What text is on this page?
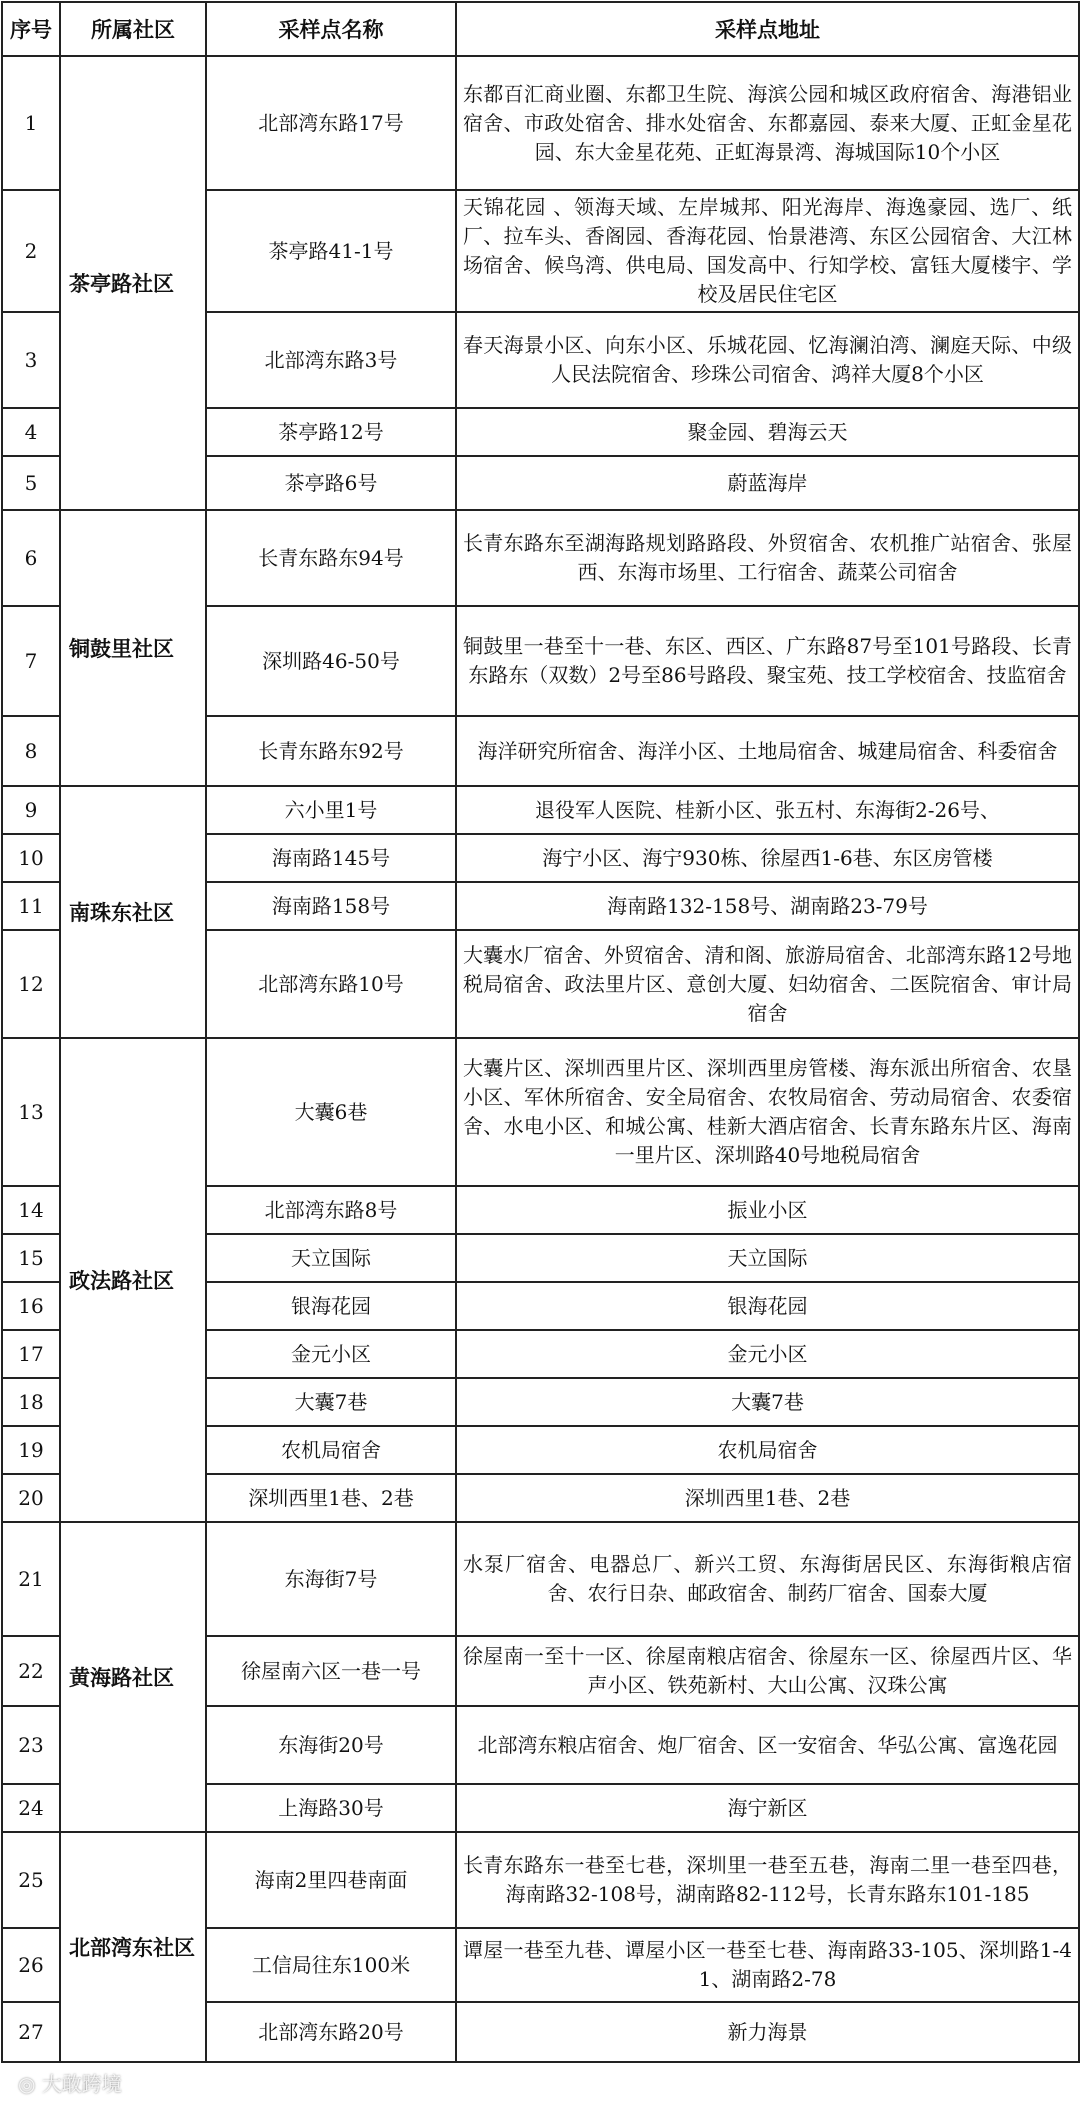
序号	所属社区	采样点名称	采样点地址
1	茶亭路社区	北部湾东路17号	东都百汇商业圈、东都卫生院、海滨公园和城区政府宿舍、海港铝业宿舍、市政处宿舍、排水处宿舍、东都嘉园、泰来大厦、正虹金星花园、东大金星花苑、正虹海景湾、海城国际10个小区
2		茶亭路41-1号	天锦花园 、领海天域、左岸城邦、阳光海岸、海逸豪园、选厂、纸厂、拉车头、香阁园、香海花园、怡景港湾、东区公园宿舍、大江林场宿舍、候鸟湾、供电局、国发高中、行知学校、富钰大厦楼宇、学校及居民住宅区
3		北部湾东路3号	春天海景小区、向东小区、乐城花园、忆海澜泊湾、澜庭天际、中级人民法院宿舍、珍珠公司宿舍、鸿祥大厦8个小区
4		茶亭路12号	聚金园、碧海云天
5		茶亭路6号	蔚蓝海岸
6	铜鼓里社区	长青东路东94号	长青东路东至湖海路规划路路段、外贸宿舍、农机推广站宿舍、张屋西、东海市场里、工行宿舍、蔬菜公司宿舍
7		深圳路46-50号	铜鼓里一巷至十一巷、东区、西区、广东路87号至101号路段、长青东路东（双数）2号至86号路段、聚宝苑、技工学校宿舍、技监宿舍
8		长青东路东92号	海洋研究所宿舍、海洋小区、土地局宿舍、城建局宿舍、科委宿舍
9	南珠东社区	六小里1号	退役军人医院、桂新小区、张五村、东海街2-26号、
10		海南路145号	海宁小区、海宁930栋、徐屋西1-6巷、东区房管楼
11		海南路158号	海南路132-158号、湖南路23-79号
12		北部湾东路10号	大囊水厂宿舍、外贸宿舍、清和阁、旅游局宿舍、北部湾东路12号地税局宿舍、政法里片区、意创大厦、妇幼宿舍、二医院宿舍、审计局宿舍
13	政法路社区	大囊6巷	大囊片区、深圳西里片区、深圳西里房管楼、海东派出所宿舍、农垦小区、军休所宿舍、安全局宿舍、农牧局宿舍、劳动局宿舍、农委宿舍、水电小区、和城公寓、桂新大酒店宿舍、长青东路东片区、海南一里片区、深圳路40号地税局宿舍
14		北部湾东路8号	振业小区
15		天立国际	天立国际
16		银海花园	银海花园
17		金元小区	金元小区
18		大囊7巷	大囊7巷
19		农机局宿舍	农机局宿舍
20		深圳西里1巷、2巷	深圳西里1巷、2巷
21	黄海路社区	东海街7号	水泵厂宿舍、电器总厂、新兴工贸、东海街居民区、东海街粮店宿舍、农行日杂、邮政宿舍、制药厂宿舍、国泰大厦
22		徐屋南六区一巷一号	徐屋南一至十一区、徐屋南粮店宿舍、徐屋东一区、徐屋西片区、华声小区、铁苑新村、大山公寓、汉珠公寓
23		东海街20号	北部湾东粮店宿舍、炮厂宿舍、区一安宿舍、华弘公寓、富逸花园
24		上海路30号	海宁新区
25	北部湾东社区	海南2里四巷南面	长青东路东一巷至七巷，深圳里一巷至五巷，海南二里一巷至四巷，海南路32-108号，湖南路82-112号，长青东路东101-185
26		工信局往东100米	谭屋一巷至九巷、谭屋小区一巷至七巷、海南路33-105、深圳路1-41、湖南路2-78
27		北部湾东路20号	新力海景
◎ 大敢跨境
